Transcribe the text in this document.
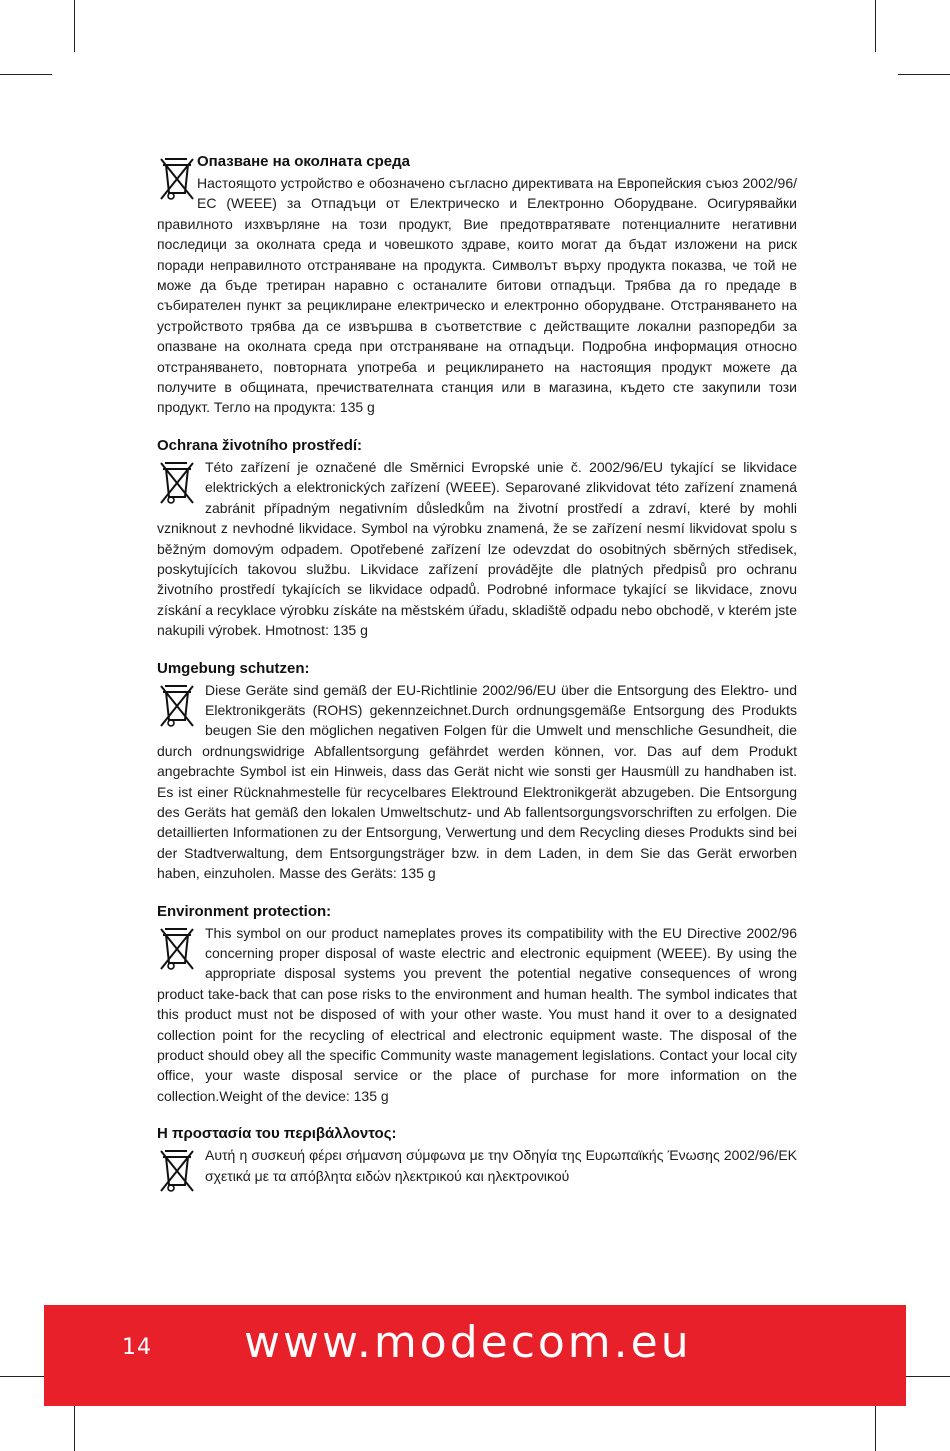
Опазване на околната среда

Настоящото устройство е обозначено съгласно директивата на Европейския съюз 2002/96/ЕС (WEEE) за Отпадъци от Електрическо и Електронно Оборудване. Осигурявайки правилното изхвърляне на този продукт, Вие предотвратявате потенциалните негативни последици за околната среда и човешкото здраве, които могат да бъдат изложени на риск поради неправилното отстраняване на продукта. Символът върху продукта показва, че той не може да бъде третиран наравно с останалите битови отпадъци. Трябва да го предаде в събирателен пункт за рециклиране електрическо и електронно оборудване. Отстраняването на устройството трябва да се извършва в съответствие с действащите локални разпоредби за опазване на околната среда при отстраняване на отпадъци. Подробна информация относно отстраняването, повторната употреба и рециклирането на настоящия продукт можете да получите в общината, пречиствателната станция или в магазина, където сте закупили този продукт. Тегло на продукта: 135 g

Ochrana životního prostředí:

Této zařízení je označené dle Směrnici Evropské unie č. 2002/96/EU tykající se likvidace elektrických a elektronických zařízení (WEEE). Separované zlikvidovat této zařízení znamená zabránit případným negativním důsledkům na životní prostředí a zdraví, které by mohli vzniknout z nevhodné likvidace. Symbol na výrobku znamená, že se zařízení nesmí likvidovat spolu s běžným domovým odpadem. Opotřebené zařízení lze odevzdat do osobitných sběrných středisek, poskytujících takovou službu. Likvidace zařízení provádějte dle platných předpisů pro ochranu životního prostředí tykajících se likvidace odpadů. Podrobné informace tykající se likvidace, znovu získání a recyklace výrobku získáte na městském úřadu, skladiště odpadu nebo obchodě, v kterém jste nakupili výrobek. Hmotnost: 135 g

Umgebung schutzen:

Diese Geräte sind gemäß der EU-Richtlinie 2002/96/EU über die Entsorgung des Elektro- und Elektronikgeräts (ROHS) gekennzeichnet.Durch ordnungsgemäße Entsorgung des Produkts beugen Sie den möglichen negativen Folgen für die Umwelt und menschliche Gesundheit, die durch ordnungswidrige Abfallentsorgung gefährdet werden können, vor. Das auf dem Produkt angebrachte Symbol ist ein Hinweis, dass das Gerät nicht wie sonsti ger Hausmüll zu handhaben ist. Es ist einer Rücknahmestelle für recycelbares Elektround Elektronikgerät abzugeben. Die Entsorgung des Geräts hat gemäß den lokalen Umweltschutz- und Ab fallentsorgungsvorschriften zu erfolgen. Die detaillierten Informationen zu der Entsorgung, Verwertung und dem Recycling dieses Produkts sind bei der Stadtverwaltung, dem Entsorgungsträger bzw. in dem Laden, in dem Sie das Gerät erworben haben, einzuholen. Masse des Geräts: 135 g

Environment protection:

This symbol on our product nameplates proves its compatibility with the EU Directive 2002/96 concerning proper disposal of waste electric and electronic equipment (WEEE). By using the appropriate disposal systems you prevent the potential negative consequences of wrong product take-back that can pose risks to the environment and human health. The symbol indicates that this product must not be disposed of with your other waste. You must hand it over to a designated collection point for the recycling of electrical and electronic equipment waste. The disposal of the product should obey all the specific Community waste management legislations. Contact your local city office, your waste disposal service or the place of purchase for more information on the collection.Weight of the device: 135 g

Η προστασία του περιβάλλοντος:

Αυτή η συσκευή φέρει σήμανση σύμφωνα με την Οδηγία της Ευρωπαϊκής Ένωσης 2002/96/ΕΚ σχετικά με τα απόβλητα ειδών ηλεκτρικού και ηλεκτρονικού

14 www.modecom.eu
